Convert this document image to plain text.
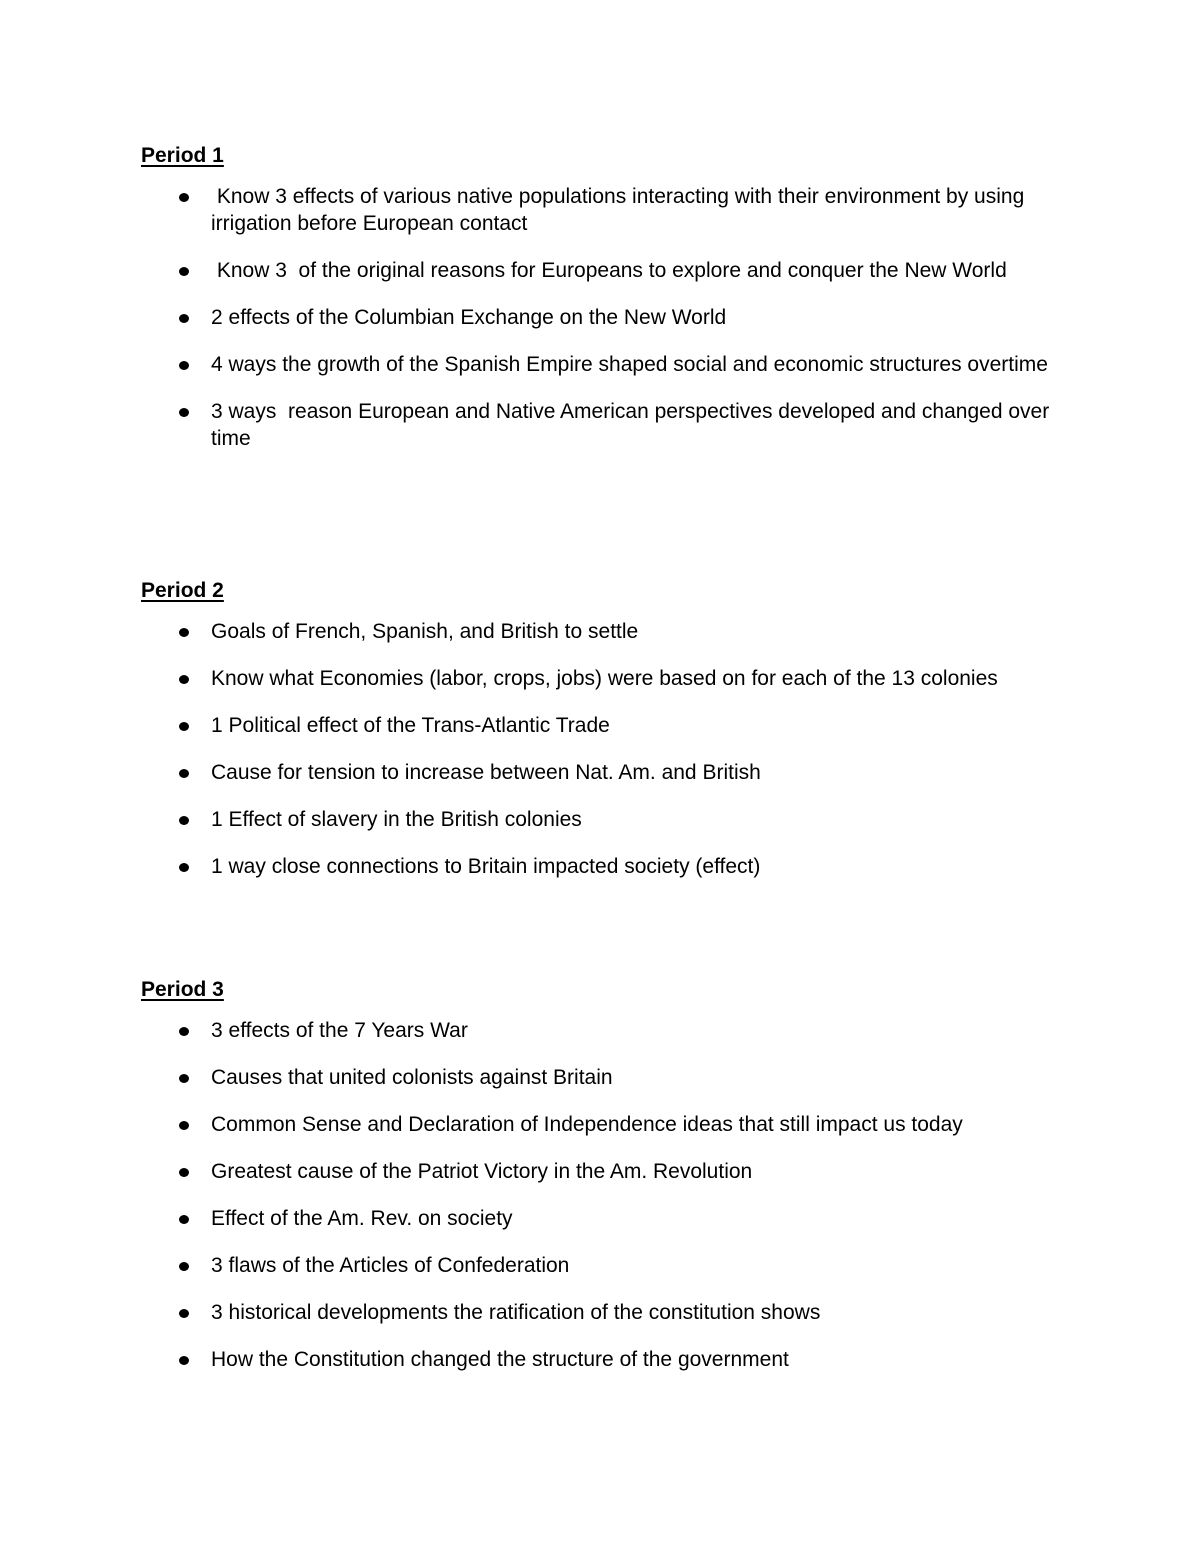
Period 1
Know 3 effects of various native populations interacting with their environment by using irrigation before European contact
Know 3  of the original reasons for Europeans to explore and conquer the New World
2 effects of the Columbian Exchange on the New World
4 ways the growth of the Spanish Empire shaped social and economic structures overtime
3 ways  reason European and Native American perspectives developed and changed over time
Period 2
Goals of French, Spanish, and British to settle
Know what Economies (labor, crops, jobs) were based on for each of the 13 colonies
1 Political effect of the Trans-Atlantic Trade
Cause for tension to increase between Nat. Am. and British
1 Effect of slavery in the British colonies
1 way close connections to Britain impacted society (effect)
Period 3
3 effects of the 7 Years War
Causes that united colonists against Britain
Common Sense and Declaration of Independence ideas that still impact us today
Greatest cause of the Patriot Victory in the Am. Revolution
Effect of the Am. Rev. on society
3 flaws of the Articles of Confederation
3 historical developments the ratification of the constitution shows
How the Constitution changed the structure of the government
